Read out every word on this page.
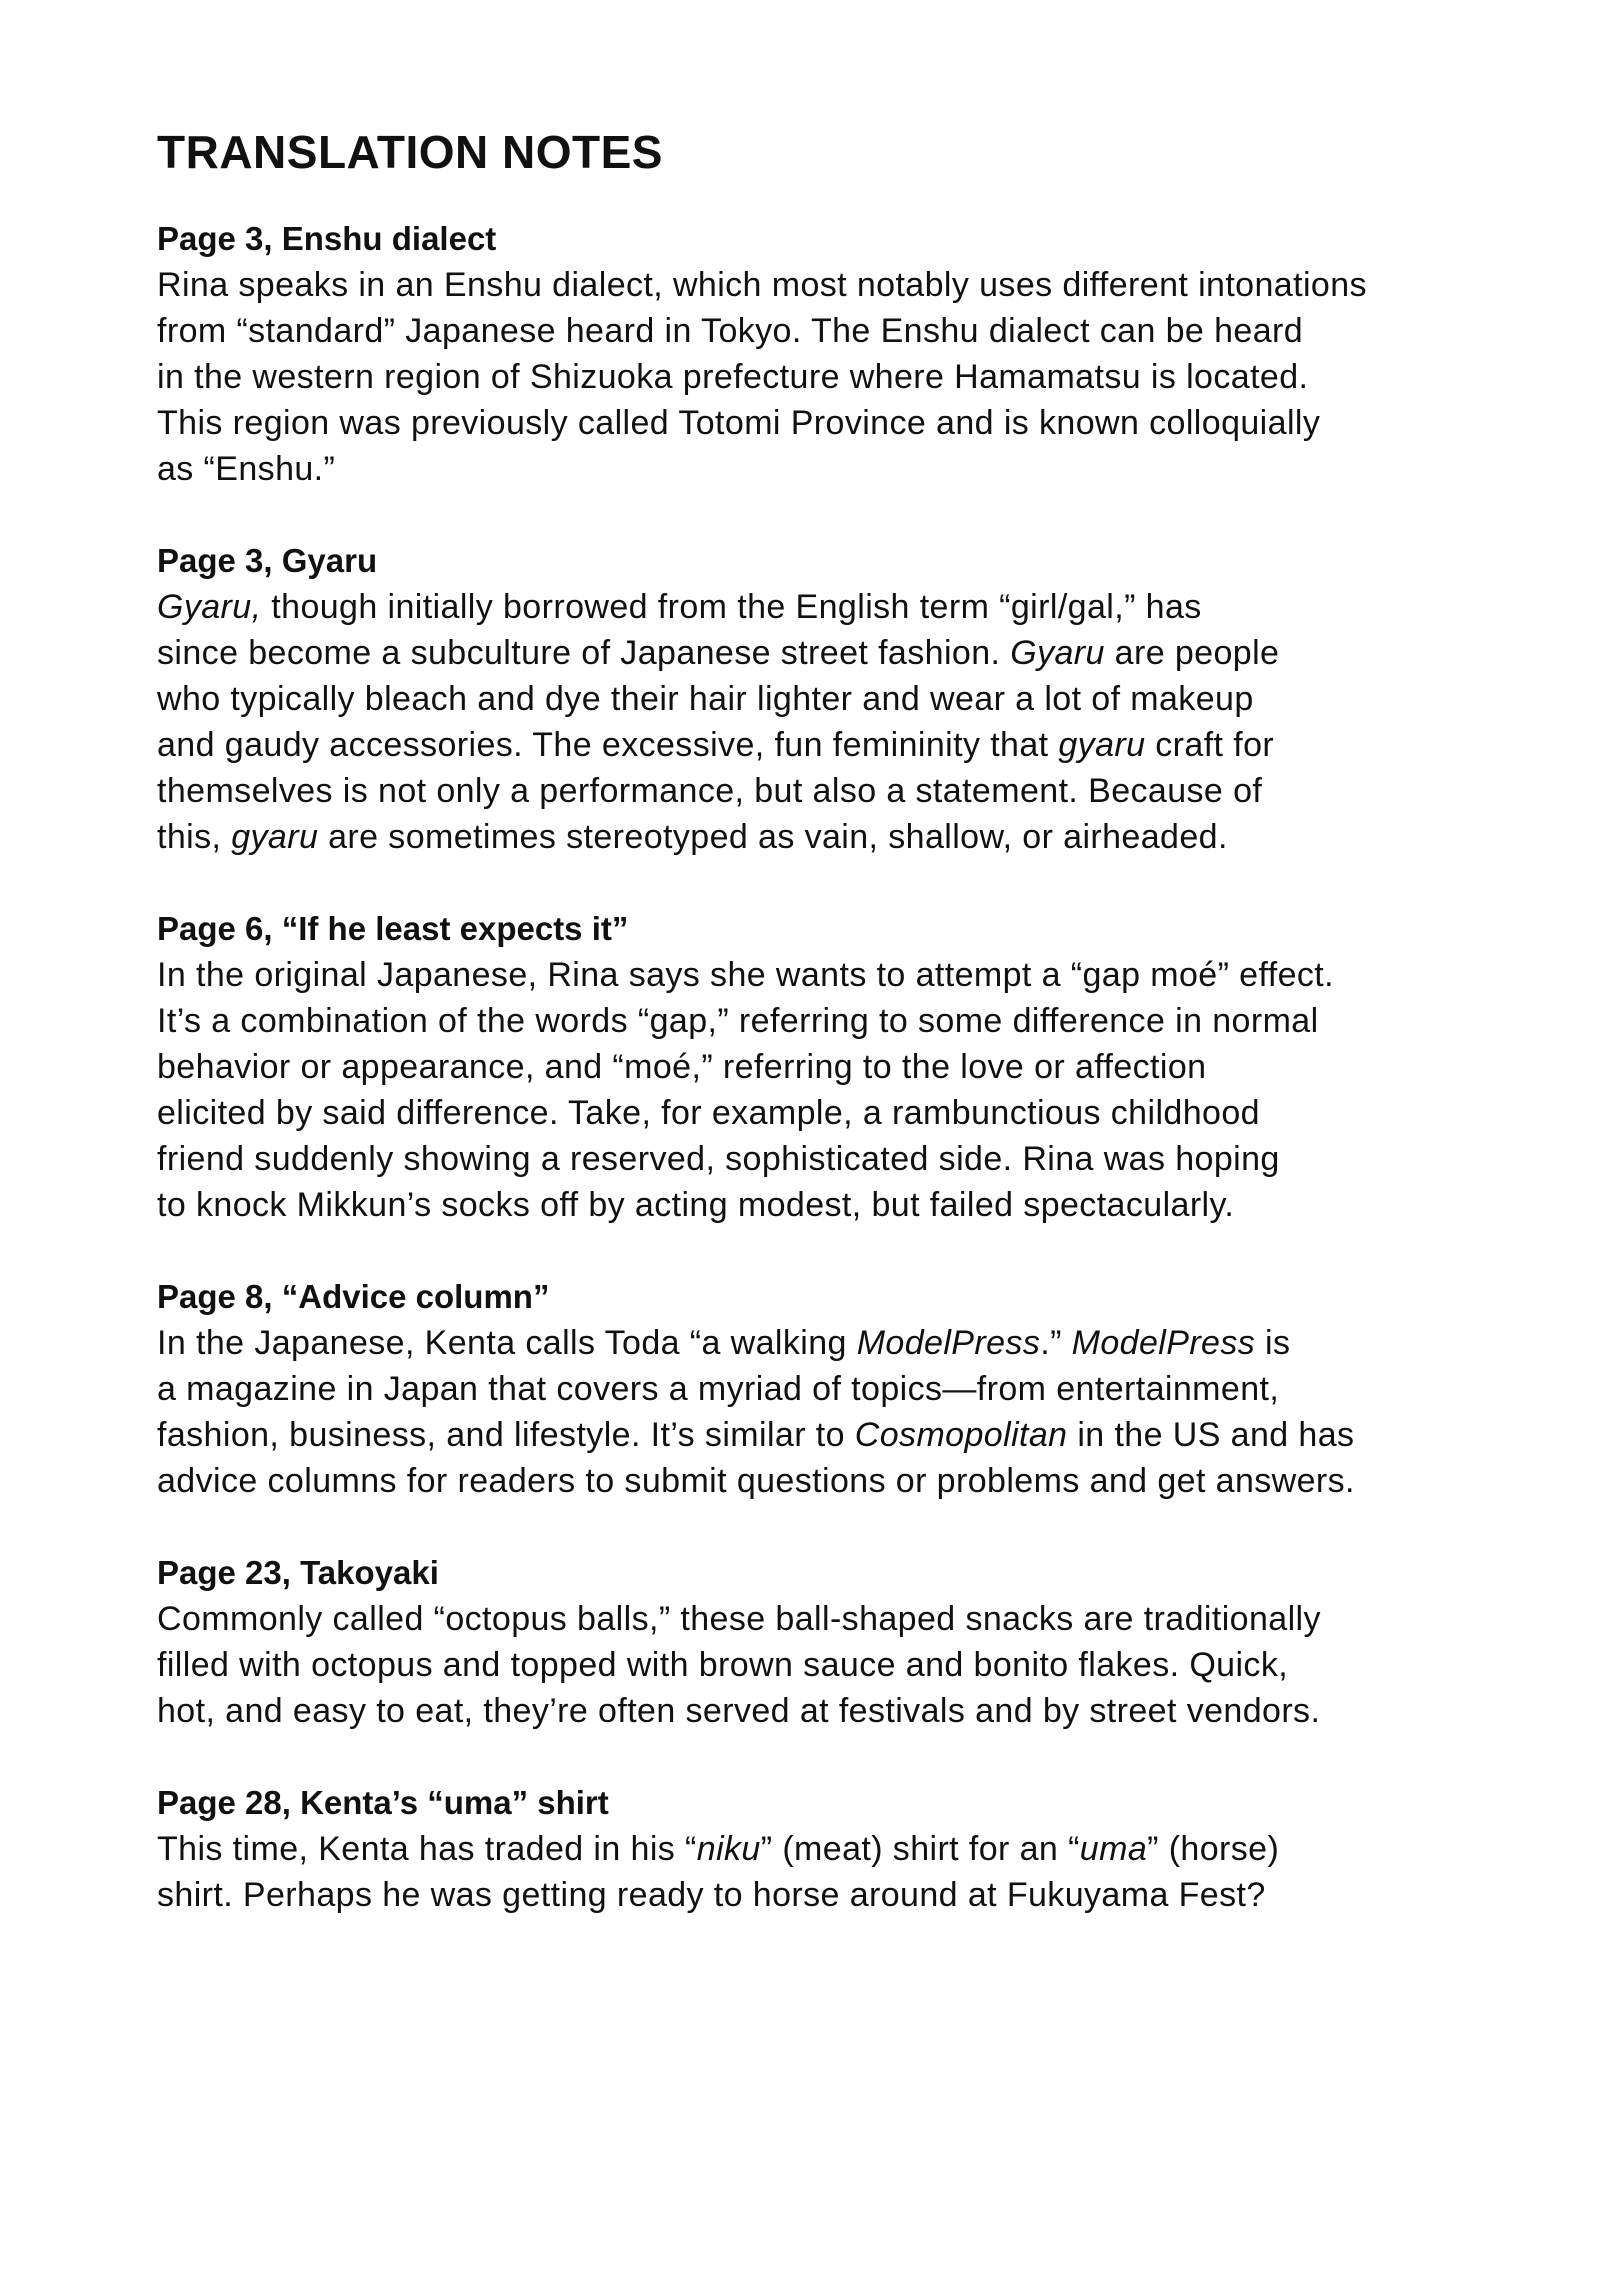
TRANSLATION NOTES
Page 3, Enshu dialect
Rina speaks in an Enshu dialect, which most notably uses different intonations
from “standard” Japanese heard in Tokyo. The Enshu dialect can be heard
in the western region of Shizuoka prefecture where Hamamatsu is located.
This region was previously called Totomi Province and is known colloquially
as “Enshu.”
Page 3, Gyaru
Gyaru, though initially borrowed from the English term “girl/gal,” has
since become a subculture of Japanese street fashion. Gyaru are people
who typically bleach and dye their hair lighter and wear a lot of makeup
and gaudy accessories. The excessive, fun femininity that gyaru craft for
themselves is not only a performance, but also a statement. Because of
this, gyaru are sometimes stereotyped as vain, shallow, or airheaded.
Page 6, “If he least expects it”
In the original Japanese, Rina says she wants to attempt a “gap moé” effect.
It’s a combination of the words “gap,” referring to some difference in normal
behavior or appearance, and “moé,” referring to the love or affection
elicited by said difference. Take, for example, a rambunctious childhood
friend suddenly showing a reserved, sophisticated side. Rina was hoping
to knock Mikkun’s socks off by acting modest, but failed spectacularly.
Page 8, “Advice column”
In the Japanese, Kenta calls Toda “a walking ModelPress.” ModelPress is
a magazine in Japan that covers a myriad of topics—from entertainment,
fashion, business, and lifestyle. It’s similar to Cosmopolitan in the US and has
advice columns for readers to submit questions or problems and get answers.
Page 23, Takoyaki
Commonly called “octopus balls,” these ball-shaped snacks are traditionally
filled with octopus and topped with brown sauce and bonito flakes. Quick,
hot, and easy to eat, they’re often served at festivals and by street vendors.
Page 28, Kenta’s “uma” shirt
This time, Kenta has traded in his “niku” (meat) shirt for an “uma” (horse)
shirt. Perhaps he was getting ready to horse around at Fukuyama Fest?
